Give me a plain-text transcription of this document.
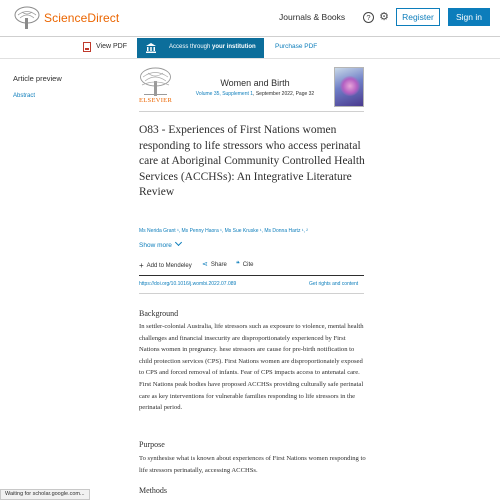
ScienceDirect	Journals & Books	? ⚙	Register	Sign in
View PDF	Access through your institution	Purchase PDF
Article preview
Abstract
ELSEVIER
Women and Birth
Volume 35, Supplement 1, September 2022, Page 32
O83 - Experiences of First Nations women responding to life stressors who access perinatal care at Aboriginal Community Controlled Health Services (ACCHSs): An Integrative Literature Review
Ms Nerida Grant ¹, Ms Penny Haora ¹, Ms Sue Kruske ¹, Ms Donna Hartz ¹, ²
Show more
+ Add to Mendeley ⋖ Share ❝ Cite
https://doi.org/10.1016/j.wombi.2022.07.089	Get rights and content
Background
In settler-colonial Australia, life stressors such as exposure to violence, mental health challenges and financial insecurity are disproportionately experienced by First Nations women in pregnancy. hese stressors are cause for pre-birth notification to child protection services (CPS). First Nations women are disproportionately exposed to CPS and forced removal of infants. Fear of CPS impacts access to antenatal care. First Nations peak bodies have proposed ACCHSs providing culturally safe perinatal care as key interventions for vulnerable families responding to life stressors in the perinatal period.
Purpose
To synthesise what is known about experiences of First Nations women responding to life stressors perinatally, accessing ACCHSs.
Methods
Waiting for scholar.google.com...
